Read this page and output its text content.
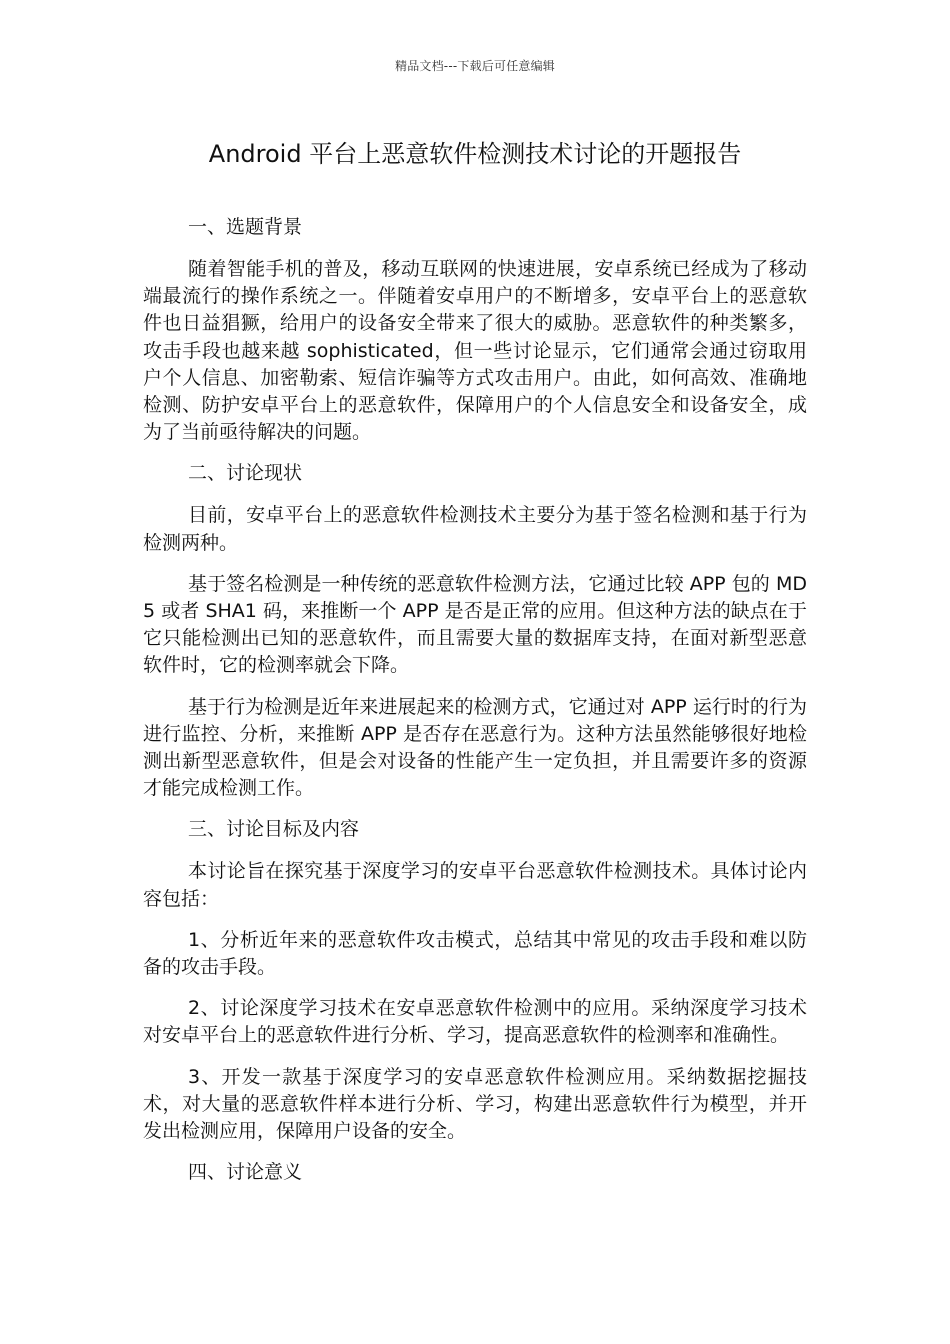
精品文档---下载后可任意编辑
Android 平台上恶意软件检测技术讨论的开题报告

一、选题背景

随着智能手机的普及，移动互联网的快速进展，安卓系统已经成为了移动端最流行的操作系统之一。伴随着安卓用户的不断增多，安卓平台上的恶意软件也日益猖獗，给用户的设备安全带来了很大的威胁。恶意软件的种类繁多，攻击手段也越来越 sophisticated，但一些讨论显示，它们通常会通过窃取用户个人信息、加密勒索、短信诈骗等方式攻击用户。由此，如何高效、准确地检测、防护安卓平台上的恶意软件，保障用户的个人信息安全和设备安全，成为了当前亟待解决的问题。

二、讨论现状

目前，安卓平台上的恶意软件检测技术主要分为基于签名检测和基于行为检测两种。

基于签名检测是一种传统的恶意软件检测方法，它通过比较 APP 包的 MD5 或者 SHA1 码，来推断一个 APP 是否是正常的应用。但这种方法的缺点在于它只能检测出已知的恶意软件，而且需要大量的数据库支持，在面对新型恶意软件时，它的检测率就会下降。

基于行为检测是近年来进展起来的检测方式，它通过对 APP 运行时的行为进行监控、分析，来推断 APP 是否存在恶意行为。这种方法虽然能够很好地检测出新型恶意软件，但是会对设备的性能产生一定负担，并且需要许多的资源才能完成检测工作。

三、讨论目标及内容

本讨论旨在探究基于深度学习的安卓平台恶意软件检测技术。具体讨论内容包括：

1、分析近年来的恶意软件攻击模式，总结其中常见的攻击手段和难以防备的攻击手段。

2、讨论深度学习技术在安卓恶意软件检测中的应用。采纳深度学习技术对安卓平台上的恶意软件进行分析、学习，提高恶意软件的检测率和准确性。

3、开发一款基于深度学习的安卓恶意软件检测应用。采纳数据挖掘技术，对大量的恶意软件样本进行分析、学习，构建出恶意软件行为模型，并开发出检测应用，保障用户设备的安全。

四、讨论意义
